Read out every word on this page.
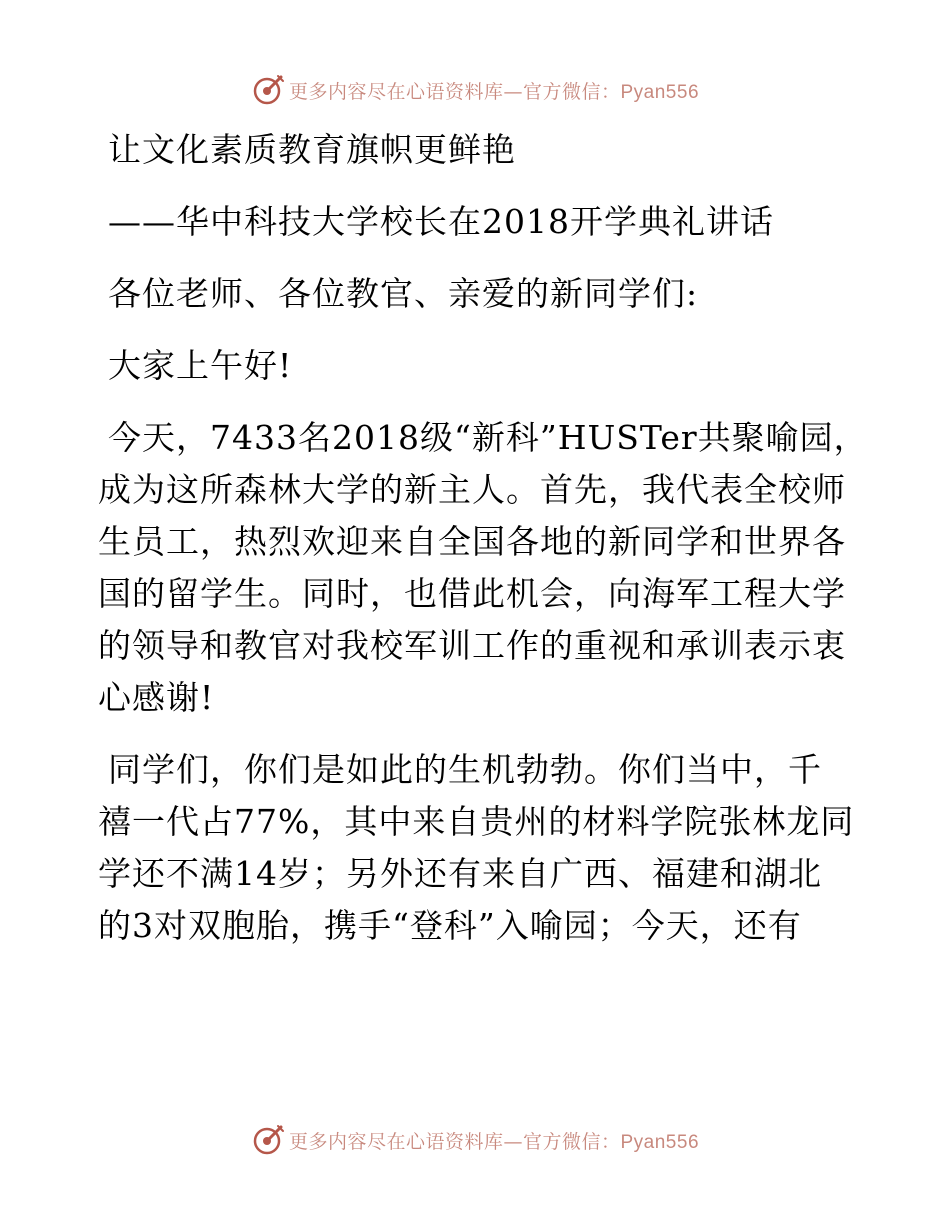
更多内容尽在心语资料库—官方微信：Pyan556
让文化素质教育旗帜更鲜艳
——华中科技大学校长在2018开学典礼讲话
各位老师、各位教官、亲爱的新同学们:
大家上午好!
今天，7433名2018级“新科”HUSTer共聚喻园，
成为这所森林大学的新主人。首先，我代表全校师
生员工，热烈欢迎来自全国各地的新同学和世界各
国的留学生。同时，也借此机会，向海军工程大学
的领导和教官对我校军训工作的重视和承训表示衷
心感谢!
同学们，你们是如此的生机勃勃。你们当中，千
禧一代占77%，其中来自贵州的材料学院张林龙同
学还不满14岁；另外还有来自广西、福建和湖北
的3对双胞胎，携手“登科”入喻园；今天，还有
更多内容尽在心语资料库—官方微信：Pyan556
